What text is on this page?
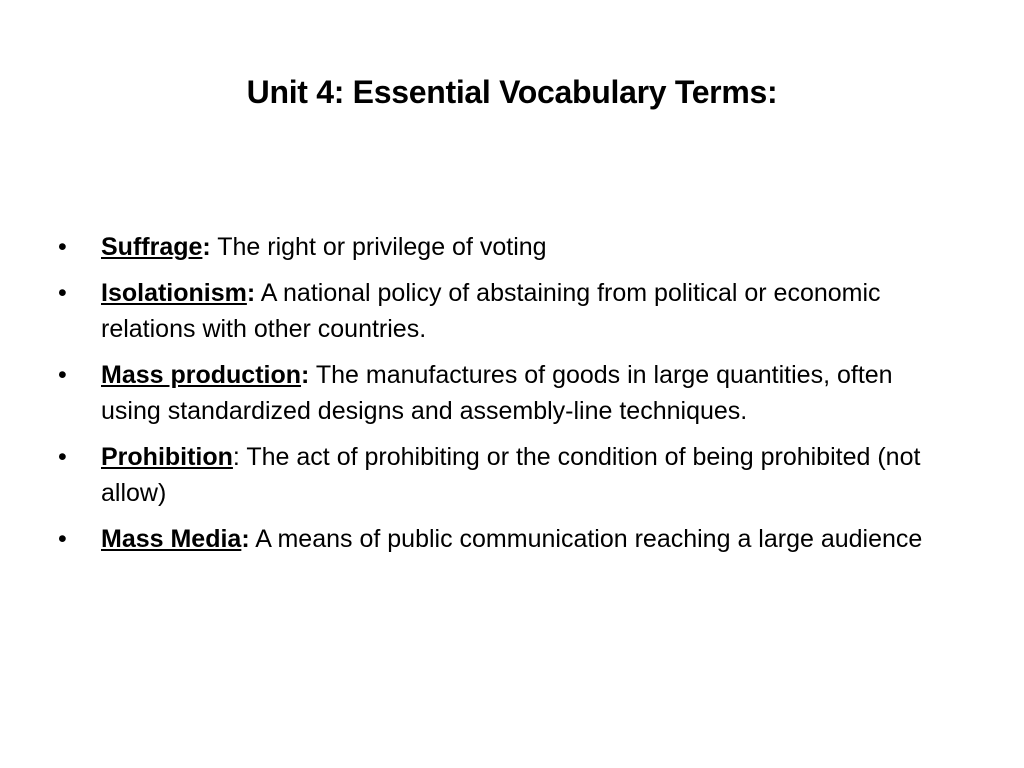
Unit 4: Essential Vocabulary Terms:
• Suffrage: The right or privilege of voting
• Isolationism: A national policy of abstaining from political or economic relations with other countries.
• Mass production: The manufactures of goods in large quantities, often using standardized designs and assembly-line techniques.
• Prohibition: The act of prohibiting or the condition of being prohibited (not allow)
• Mass Media: A means of public communication reaching a large audience
